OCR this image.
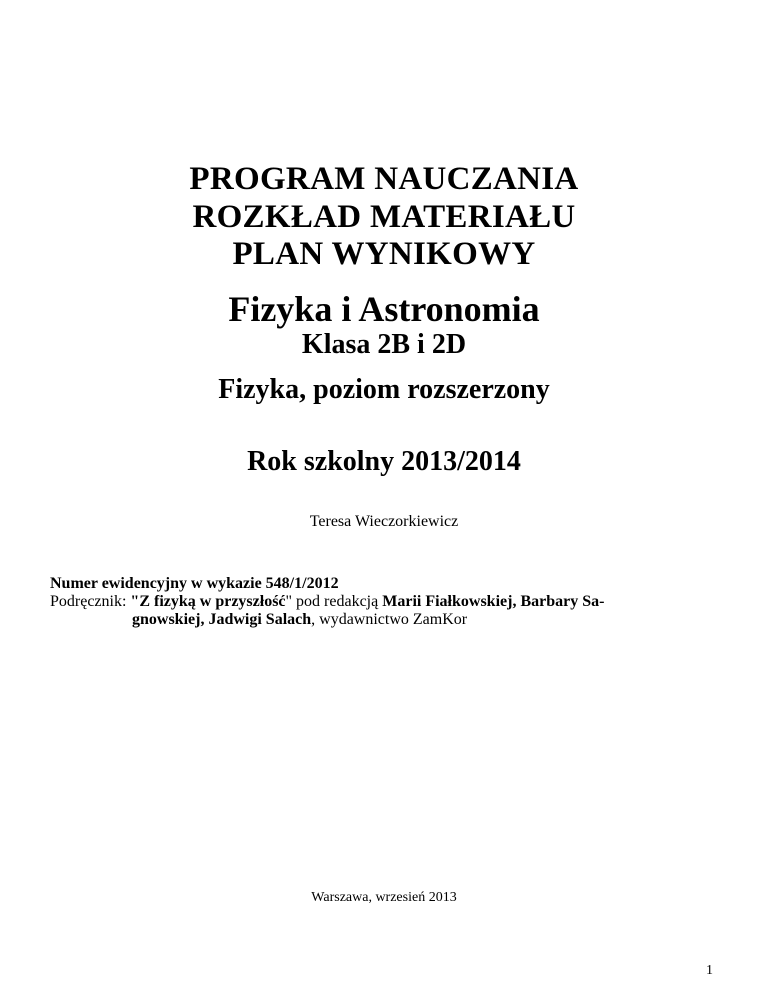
PROGRAM NAUCZANIA
ROZKŁAD MATERIAŁU
PLAN WYNIKOWY
Fizyka i Astronomia
Klasa 2B i 2D
Fizyka, poziom rozszerzony
Rok szkolny 2013/2014
Teresa Wieczorkiewicz
Numer ewidencyjny w wykazie 548/1/2012
Podręcznik: "Z fizyką w przyszłość" pod redakcją Marii Fiałkowskiej, Barbary Sa-
gnowskiej, Jadwigi Salach, wydawnictwo ZamKor
Warszawa, wrzesień 2013
1
